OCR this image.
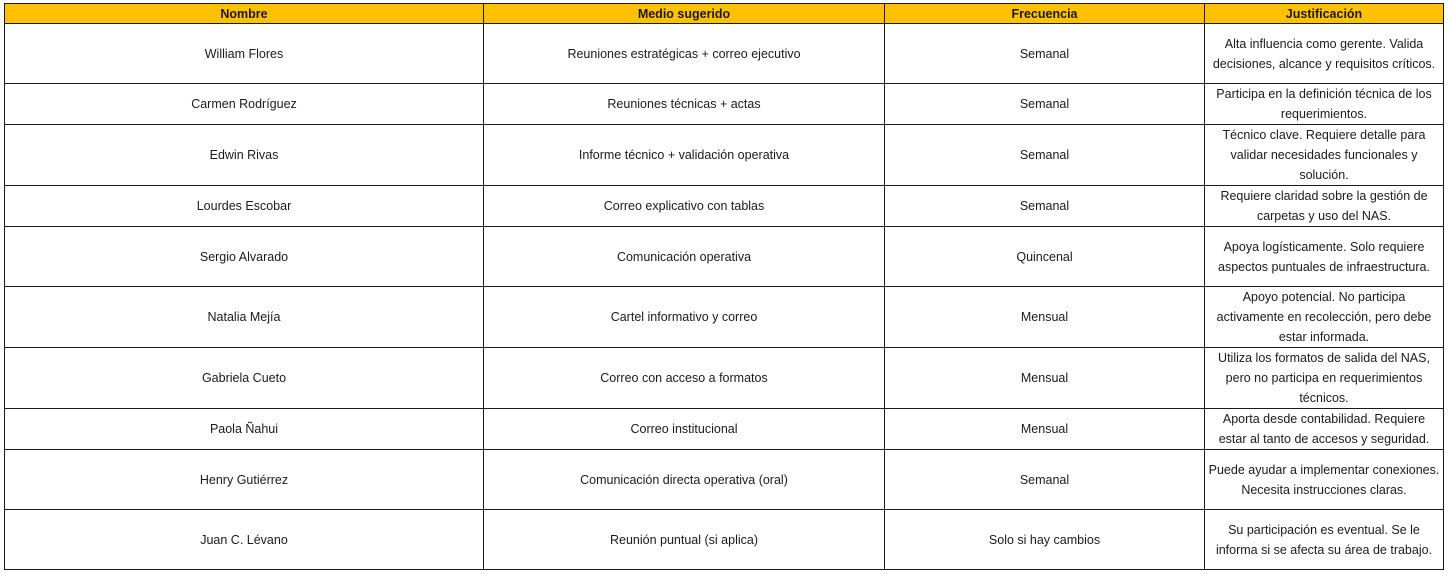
Nombre	Medio sugerido	Frecuencia	Justificación
William Flores	Reuniones estratégicas + correo ejecutivo	Semanal	Alta influencia como gerente. Valida decisiones, alcance y requisitos críticos.
Carmen Rodríguez	Reuniones técnicas + actas	Semanal	Participa en la definición técnica de los requerimientos.
Edwin Rivas	Informe técnico + validación operativa	Semanal	Técnico clave. Requiere detalle para validar necesidades funcionales y solución.
Lourdes Escobar	Correo explicativo con tablas	Semanal	Requiere claridad sobre la gestión de carpetas y uso del NAS.
Sergio Alvarado	Comunicación operativa	Quincenal	Apoya logísticamente. Solo requiere aspectos puntuales de infraestructura.
Natalia Mejía	Cartel informativo y correo	Mensual	Apoyo potencial. No participa activamente en recolección, pero debe estar informada.
Gabriela Cueto	Correo con acceso a formatos	Mensual	Utiliza los formatos de salida del NAS, pero no participa en requerimientos técnicos.
Paola Ñahui	Correo institucional	Mensual	Aporta desde contabilidad. Requiere estar al tanto de accesos y seguridad.
Henry Gutiérrez	Comunicación directa operativa (oral)	Semanal	Puede ayudar a implementar conexiones. Necesita instrucciones claras.
Juan C. Lévano	Reunión puntual (si aplica)	Solo si hay cambios	Su participación es eventual. Se le informa si se afecta su área de trabajo.
